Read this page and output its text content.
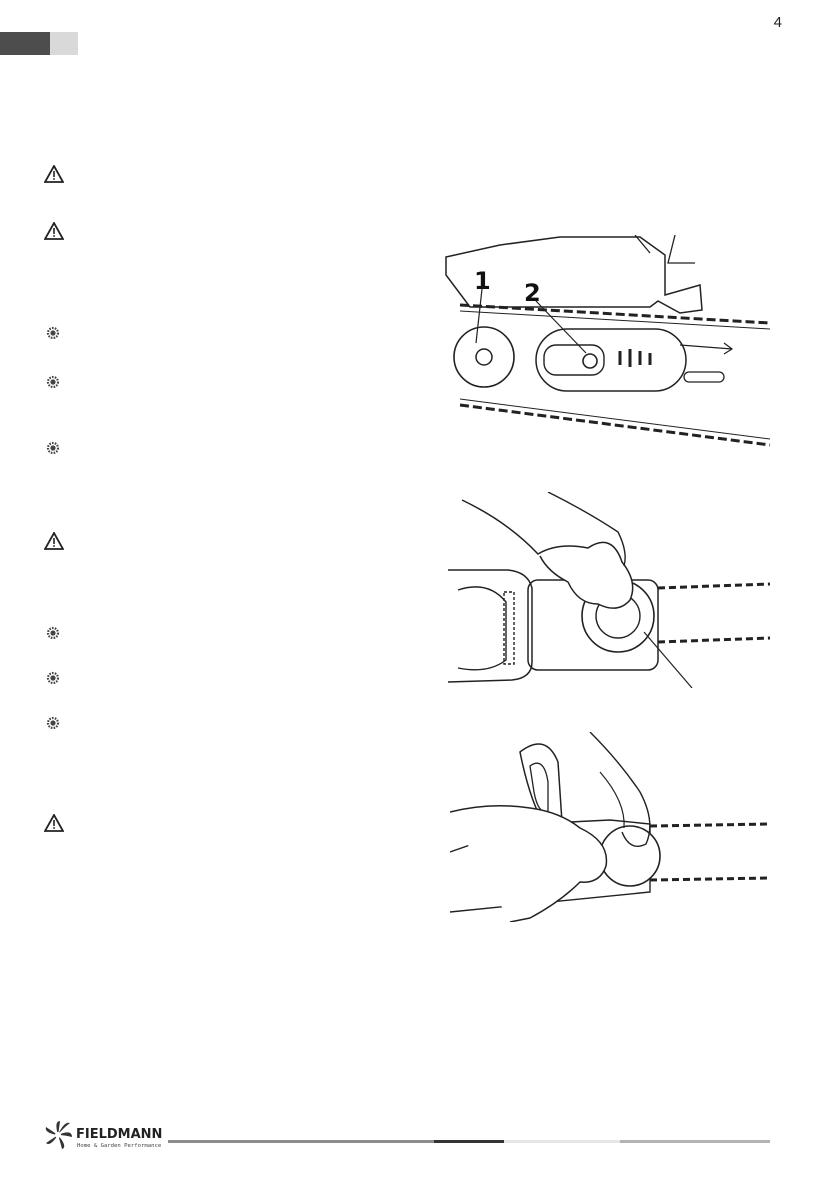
4
1 2
FIELDMANN
Home & Garden Performance
